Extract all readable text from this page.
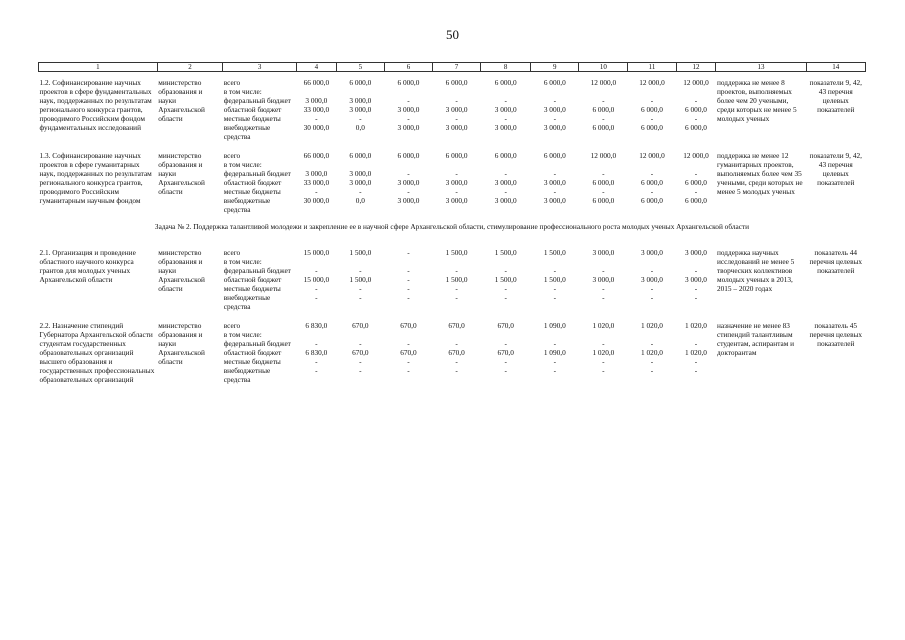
50
1	2	3	4	5	6	7	8	9	10	11	12	13	14

1.2. Софинансирование научных проектов в сфере фундаментальных наук, поддержанных по результатам регионального конкурса грантов, проводимого Российским фондом фундаментальных исследований	министерство образования и науки Архангельской области	всего	66 000,0	6 000,0	6 000,0	6 000,0	6 000,0	6 000,0	12 000,0	12 000,0	12 000,0	поддержка не менее 8 проектов, выполняемых более чем 20 учеными, среди которых не менее 5 молодых ученых	показатели 9, 42, 43 перечня целевых показателей
		в том числе:											
		федеральный бюджет	3 000,0	3 000,0	-	-	-	-	-	-	-		
		областной бюджет	33 000,0	3 000,0	3 000,0	3 000,0	3 000,0	3 000,0	6 000,0	6 000,0	6 000,0		
		местные бюджеты	-	-	-	-	-	-	-	-	-		
		внебюджетные средства	30 000,0	0,0	3 000,0	3 000,0	3 000,0	3 000,0	6 000,0	6 000,0	6 000,0		

1.3. Софинансирование научных проектов в сфере гуманитарных наук, поддержанных по результатам регионального конкурса грантов, проводимого Российским гуманитарным научным фондом	министерство образования и науки Архангельской области	всего	66 000,0	6 000,0	6 000,0	6 000,0	6 000,0	6 000,0	12 000,0	12 000,0	12 000,0	поддержка не менее 12 гуманитарных проектов, выполняемых более чем 35 учеными, среди которых не менее 5 молодых ученых	показатели 9, 42, 43 перечня целевых показателей
		в том числе:											
		федеральный бюджет	3 000,0	3 000,0	-	-	-	-	-	-	-		
		областной бюджет	33 000,0	3 000,0	3 000,0	3 000,0	3 000,0	3 000,0	6 000,0	6 000,0	6 000,0		
		местные бюджеты	-	-	-	-	-	-	-	-	-		
		внебюджетные средства	30 000,0	0,0	3 000,0	3 000,0	3 000,0	3 000,0	6 000,0	6 000,0	6 000,0		
Задача № 2. Поддержка талантливой молодежи и закрепление ее в научной сфере Архангельской области, стимулирование профессионального роста молодых ученых Архангельской области													

2.1. Организация и проведение областного научного конкурса грантов для молодых ученых Архангельской области	министерство образования и науки Архангельской области	всего	15 000,0	1 500,0	-	1 500,0	1 500,0	1 500,0	3 000,0	3 000,0	3 000,0	поддержка научных исследований не менее 5 творческих коллективов молодых ученых в 2013, 2015 – 2020 годах	показатель 44 перечня целевых показателей
		в том числе:											
		федеральный бюджет	-	-	-	-	-	-	-	-	-		
		областной бюджет	15 000,0	1 500,0	-	1 500,0	1 500,0	1 500,0	3 000,0	3 000,0	3 000,0		
		местные бюджеты	-	-	-	-	-	-	-	-	-		
		внебюджетные средства	-	-	-	-	-	-	-	-	-		

2.2. Назначение стипендий Губернатора Архангельской области студентам государственных образовательных организаций высшего образования и государственных профессиональных образовательных организаций	министерство образования и науки Архангельской области	всего	6 830,0	670,0	670,0	670,0	670,0	1 090,0	1 020,0	1 020,0	1 020,0	назначение не менее 83 стипендий талантливым студентам, аспирантам и докторантам	показатель 45 перечня целевых показателей
		в том числе:											
		федеральный бюджет	-	-	-	-	-	-	-	-	-		
		областной бюджет	6 830,0	670,0	670,0	670,0	670,0	1 090,0	1 020,0	1 020,0	1 020,0		
		местные бюджеты	-	-	-	-	-	-	-	-	-		
		внебюджетные средства	-	-	-	-	-	-	-	-	-		
